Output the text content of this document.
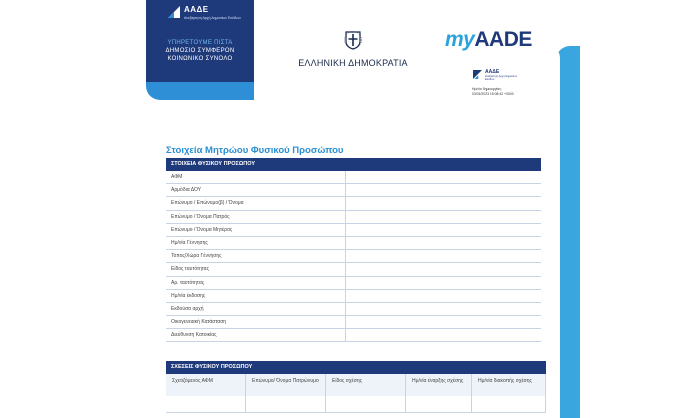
ΑΑΔΕ
Ανεξάρτητη Αρχή Δημοσίων Εσόδων
ΥΠΗΡΕΤΟΥΜΕ ΠΙΣΤΑ
ΔΗΜΟΣΙΟ ΣΥΜΦΕΡΟΝ
ΚΟΙΝΩΝΙΚΟ ΣΥΝΟΛΟ	ΕΛΛΗΝΙΚΗ ΔΗΜΟΚΡΑΤΙΑ
myAADE
ΑΑΔΕ
Ανεξάρτητη Αρχή Δημοσίων Εσόδων
Ημ/νία δημιουργίας:
03/01/2023 15:08:42 +0000
Στοιχεία Μητρώου Φυσικού Προσώπου
ΣΤΟΙΧΕΙΑ ΦΥΣΙΚΟΥ ΠΡΟΣΩΠΟΥ
ΑΦΜ
Αρμόδια ΔΟΥ
Επώνυμο / Επώνυμο(β) / Όνομα
Επώνυμο / Όνομα Πατρός
Επώνυμο / Όνομα Μητέρας
Ημ/νία Γέννησης
Τόπος/Χώρα Γέννησης
Είδος ταυτότητας
Αρ. ταυτότητας
Ημ/νία έκδοσης
Εκδούσα αρχή
Οικογενειακή Κατάσταση
Διεύθυνση Κατοικίας
ΣΧΕΣΕΙΣ ΦΥΣΙΚΟΥ ΠΡΟΣΩΠΟΥ
Σχετιζόμενος ΑΦΜ	Επώνυμο/ Όνομα Πατρώνυμο	Είδος σχέσης	Ημ/νία έναρξης σχέσης	Ημ/νία διακοπής σχέσης
